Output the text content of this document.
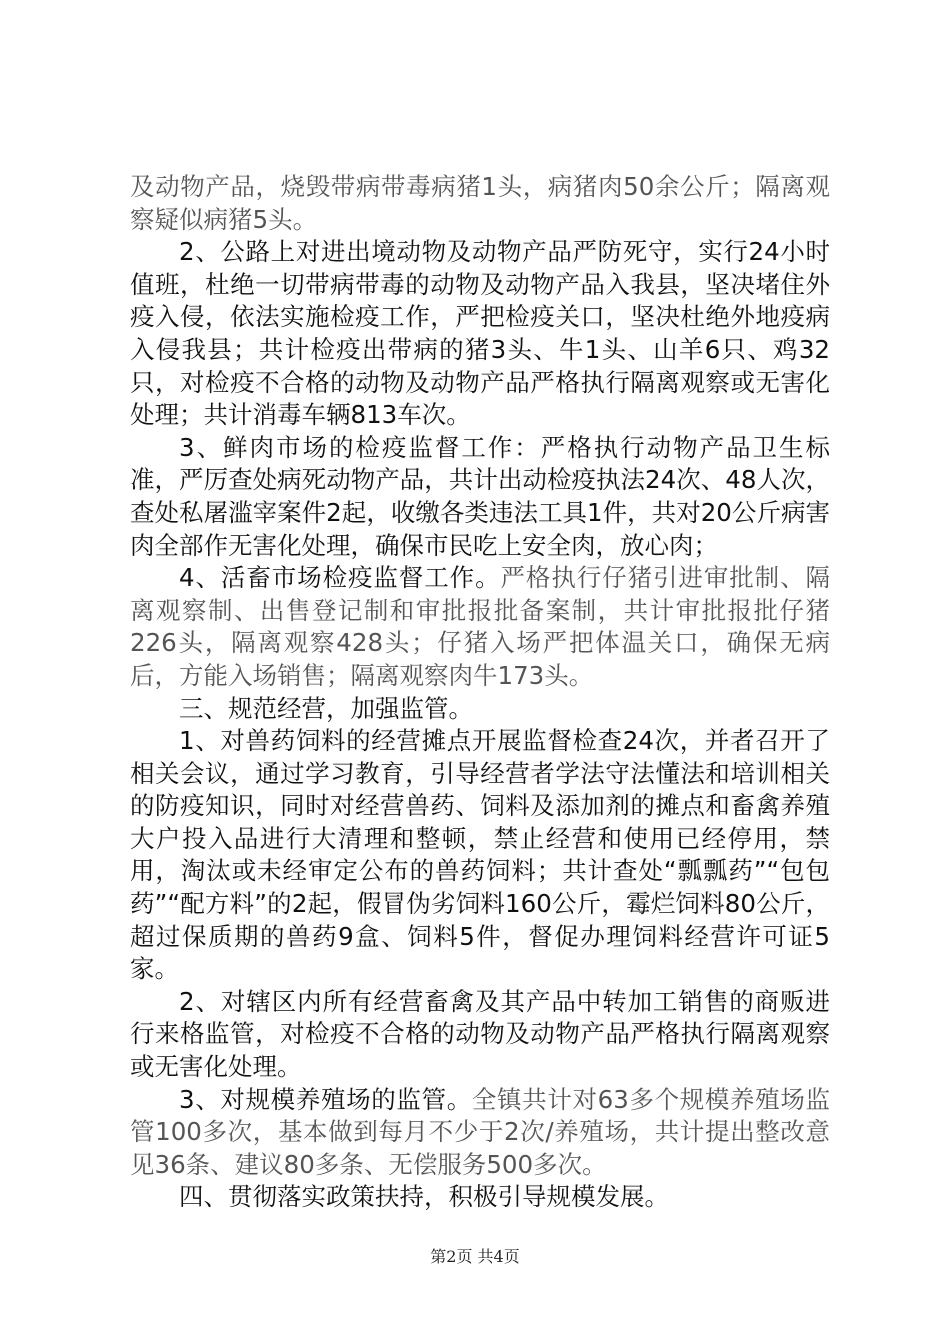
及动物产品，烧毁带病带毒病猪1头，病猪肉50余公斤；隔离观察疑似病猪5头。

2、公路上对进出境动物及动物产品严防死守，实行24小时值班，杜绝一切带病带毒的动物及动物产品入我县，坚决堵住外疫入侵，依法实施检疫工作，严把检疫关口，坚决杜绝外地疫病入侵我县；共计检疫出带病的猪3头、牛1头、山羊6只、鸡32只，对检疫不合格的动物及动物产品严格执行隔离观察或无害化处理；共计消毒车辆813车次。

3、鲜肉市场的检疫监督工作：严格执行动物产品卫生标准，严厉查处病死动物产品，共计出动检疫执法24次、48人次，查处私屠滥宰案件2起，收缴各类违法工具1件，共对20公斤病害肉全部作无害化处理，确保市民吃上安全肉，放心肉；

4、活畜市场检疫监督工作。严格执行仔猪引进审批制、隔离观察制、出售登记制和审批报批备案制，共计审批报批仔猪226头，隔离观察428头；仔猪入场严把体温关口，确保无病后，方能入场销售；隔离观察肉牛173头。

三、规范经营，加强监管。

1、对兽药饲料的经营摊点开展监督检查24次，并者召开了相关会议，通过学习教育，引导经营者学法守法懂法和培训相关的防疫知识，同时对经营兽药、饲料及添加剂的摊点和畜禽养殖大户投入品进行大清理和整顿，禁止经营和使用已经停用，禁用，淘汰或未经审定公布的兽药饲料；共计查处“瓢瓢药”“包包药”“配方料”的2起，假冒伪劣饲料160公斤，霉烂饲料80公斤，超过保质期的兽药9盒、饲料5件，督促办理饲料经营许可证5家。

2、对辖区内所有经营畜禽及其产品中转加工销售的商贩进行来格监管，对检疫不合格的动物及动物产品严格执行隔离观察或无害化处理。

3、对规模养殖场的监管。全镇共计对63多个规模养殖场监管100多次，基本做到每月不少于2次/养殖场，共计提出整改意见36条、建议80多条、无偿服务500多次。

四、贯彻落实政策扶持，积极引导规模发展。

第2页 共4页
